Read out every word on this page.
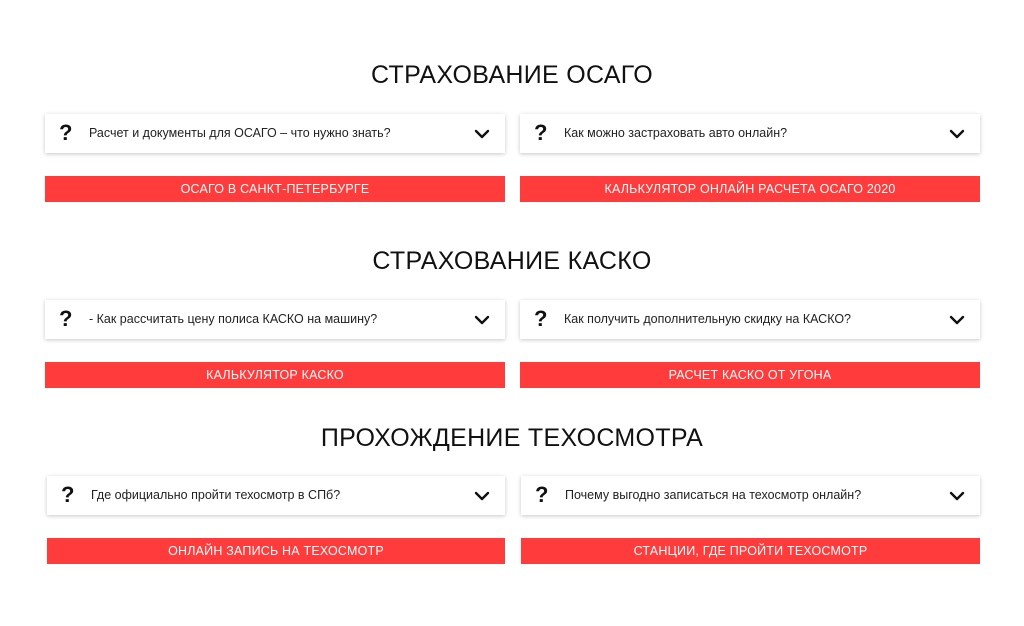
СТРАХОВАНИЕ ОСАГО
? Расчет и документы для ОСАГО – что нужно знать?	? Как можно застраховать авто онлайн?
ОСАГО В САНКТ-ПЕТЕРБУРГЕ	КАЛЬКУЛЯТОР ОНЛАЙН РАСЧЕТА ОСАГО 2020
СТРАХОВАНИЕ КАСКО
? - Как рассчитать цену полиса КАСКО на машину?	? Как получить дополнительную скидку на КАСКО?
КАЛЬКУЛЯТОР КАСКО	РАСЧЕТ КАСКО ОТ УГОНА
ПРОХОЖДЕНИЕ ТЕХОСМОТРА
? Где официально пройти техосмотр в СПб?	? Почему выгодно записаться на техосмотр онлайн?
ОНЛАЙН ЗАПИСЬ НА ТЕХОСМОТР	СТАНЦИИ, ГДЕ ПРОЙТИ ТЕХОСМОТР
